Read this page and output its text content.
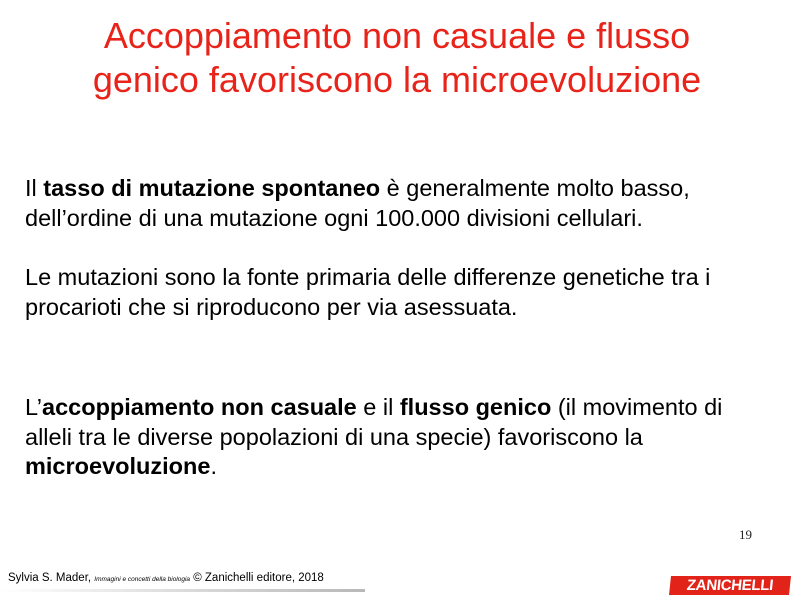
Accoppiamento non casuale e flusso
genico favoriscono la microevoluzione
Il tasso di mutazione spontaneo è generalmente molto basso, dell’ordine di una mutazione ogni 100.000 divisioni cellulari.
Le mutazioni sono la fonte primaria delle differenze genetiche tra i procarioti che si riproducono per via asessuata.
L’accoppiamento non casuale e il flusso genico (il movimento di alleli tra le diverse popolazioni di una specie) favoriscono la microevoluzione.
19
Sylvia S. Mader, Immagini e concetti della biologia © Zanichelli editore, 2018	ZANICHELLI
